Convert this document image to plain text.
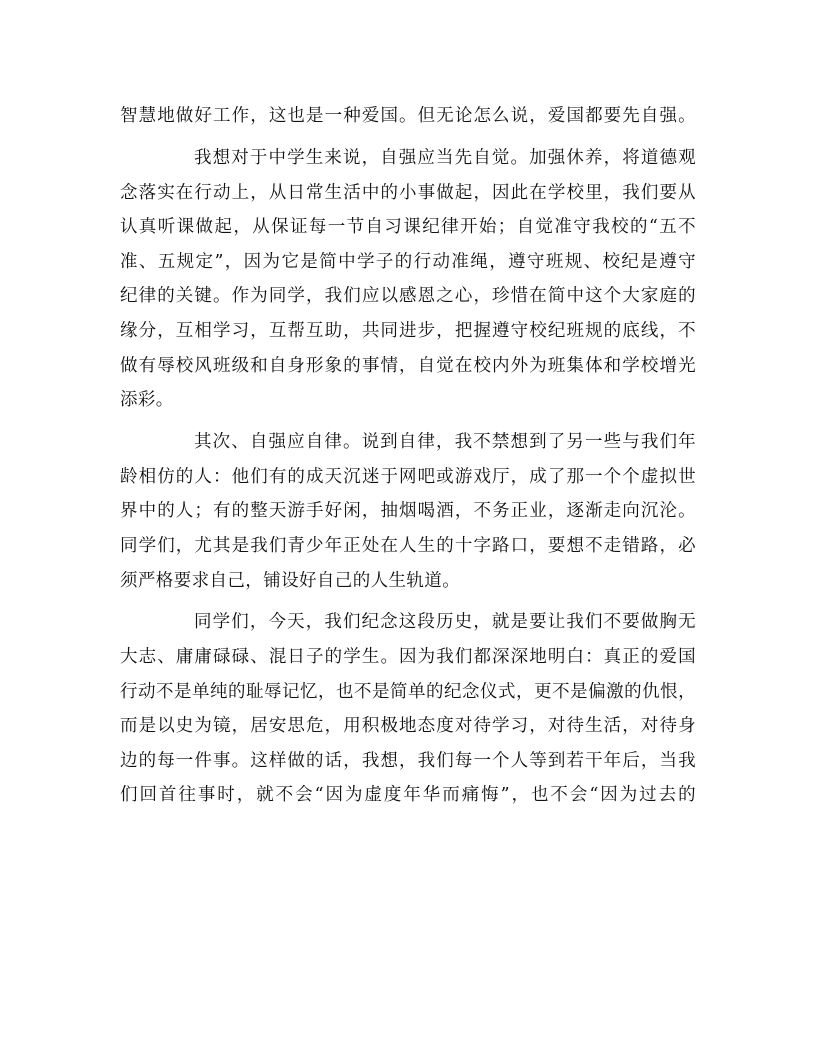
智慧地做好工作，这也是一种爱国。但无论怎么说，爱国都要先自强。
我想对于中学生来说，自强应当先自觉。加强休养，将道德观
念落实在行动上，从日常生活中的小事做起，因此在学校里，我们要从
认真听课做起，从保证每一节自习课纪律开始；自觉准守我校的“五不
准、五规定”，因为它是简中学子的行动准绳，遵守班规、校纪是遵守
纪律的关键。作为同学，我们应以感恩之心，珍惜在简中这个大家庭的
缘分，互相学习，互帮互助，共同进步，把握遵守校纪班规的底线，不
做有辱校风班级和自身形象的事情，自觉在校内外为班集体和学校增光
添彩。
其次、自强应自律。说到自律，我不禁想到了另一些与我们年
龄相仿的人：他们有的成天沉迷于网吧或游戏厅，成了那一个个虚拟世
界中的人；有的整天游手好闲，抽烟喝酒，不务正业，逐渐走向沉沦。
同学们，尤其是我们青少年正处在人生的十字路口，要想不走错路，必
须严格要求自己，铺设好自己的人生轨道。
同学们，今天，我们纪念这段历史，就是要让我们不要做胸无
大志、庸庸碌碌、混日子的学生。因为我们都深深地明白：真正的爱国
行动不是单纯的耻辱记忆，也不是简单的纪念仪式，更不是偏激的仇恨，
而是以史为镜，居安思危，用积极地态度对待学习，对待生活，对待身
边的每一件事。这样做的话，我想，我们每一个人等到若干年后，当我
们回首往事时，就不会“因为虚度年华而痛悔”，也不会“因为过去的
